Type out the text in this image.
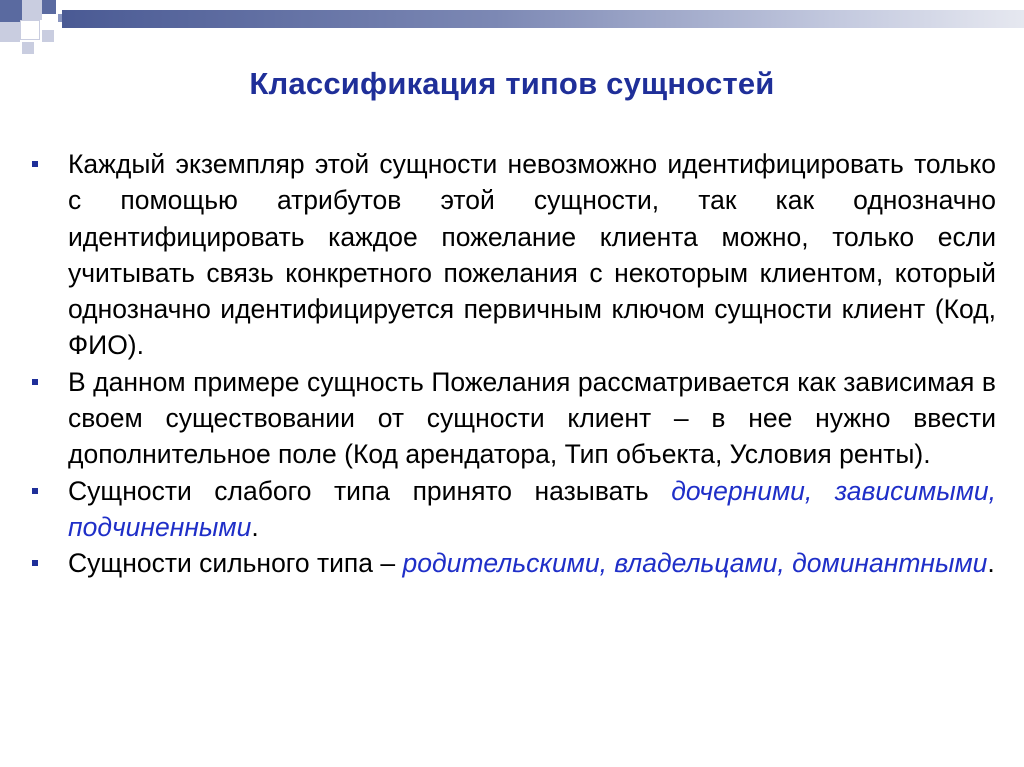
Классификация типов сущностей
Каждый экземпляр этой сущности невозможно идентифицировать только с помощью атрибутов этой сущности, так как однозначно идентифицировать каждое пожелание клиента можно, только если учитывать связь конкретного пожелания с некоторым клиентом, который однозначно идентифицируется первичным ключом сущности клиент (Код, ФИО).
В данном примере сущность Пожелания рассматривается как зависимая в своем существовании от сущности клиент – в нее нужно ввести дополнительное поле (Код арендатора, Тип объекта, Условия ренты).
Сущности слабого типа принято называть дочерними, зависимыми, подчиненными.
Сущности сильного типа – родительскими, владельцами, доминантными.
